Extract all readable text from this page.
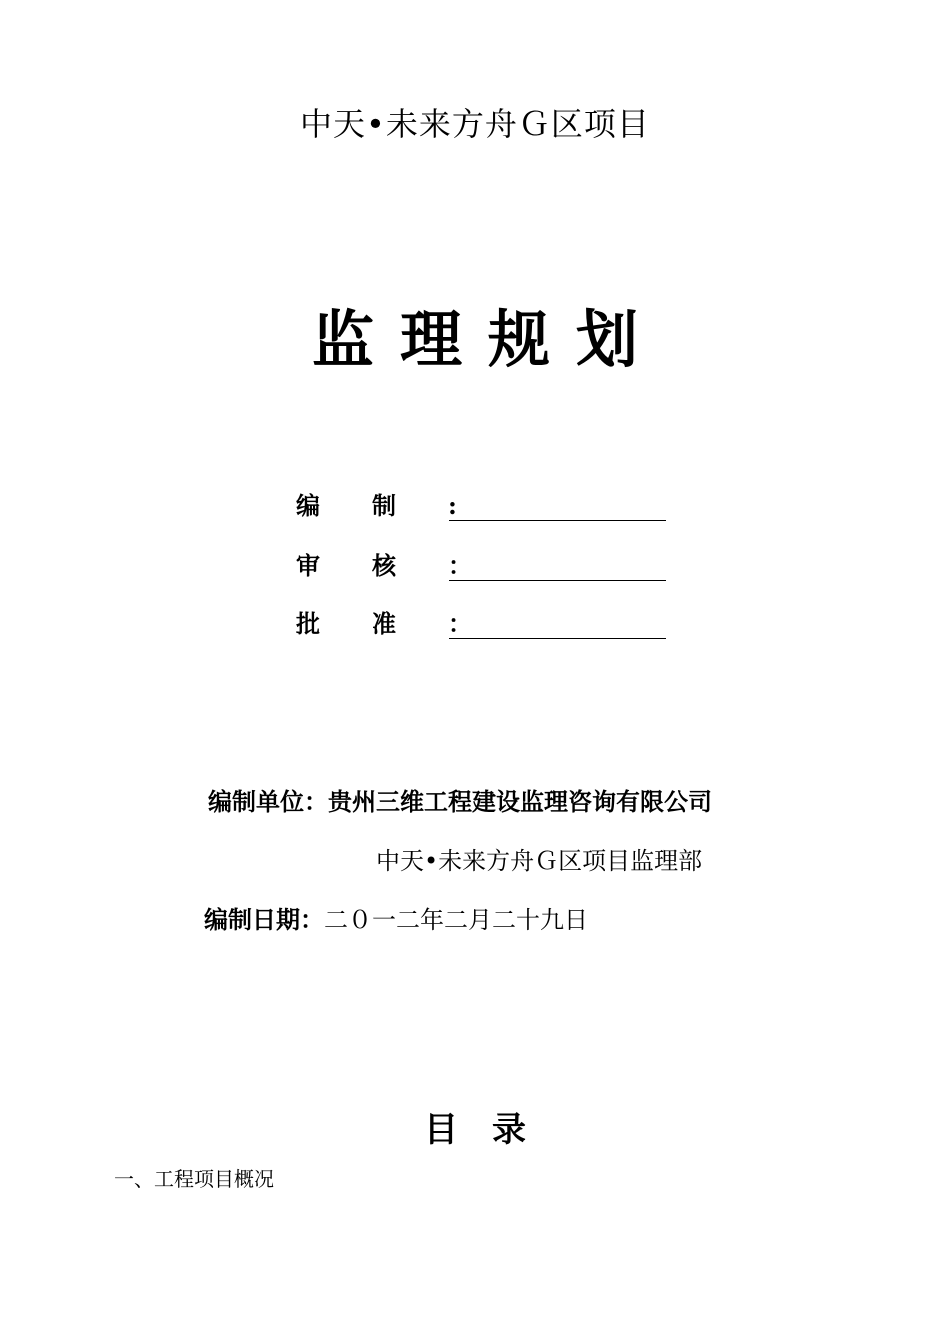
中天•未来方舟Ｇ区项目
监理规划
编制:
审核：
批准：
编制单位：贵州三维工程建设监理咨询有限公司
中天•未来方舟Ｇ区项目监理部
编制日期：二０一二年二月二十九日
目录
一、工程项目概况
